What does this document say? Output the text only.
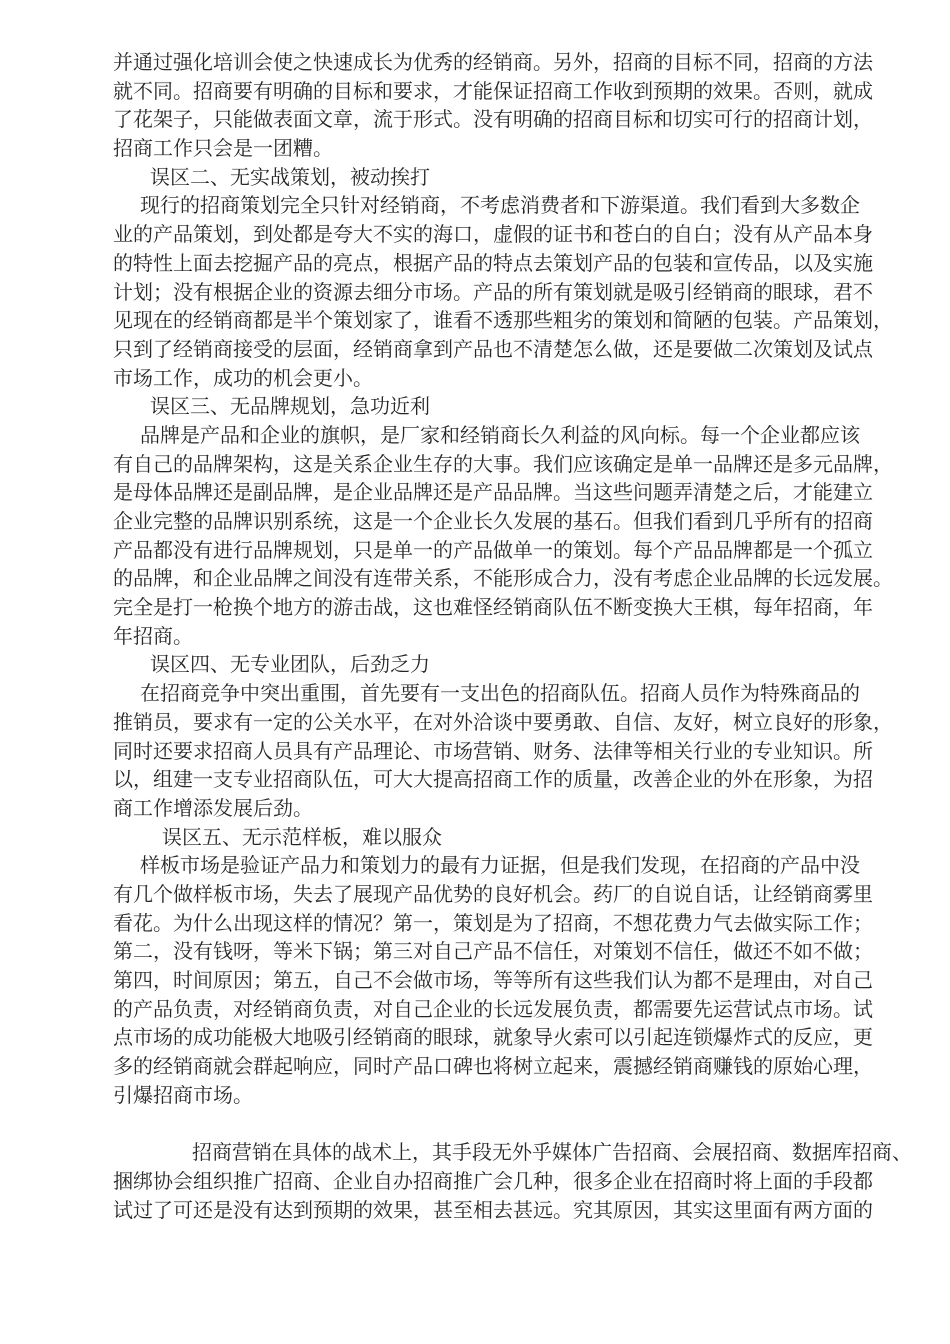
并通过强化培训会使之快速成长为优秀的经销商。另外，招商的目标不同，招商的方法
就不同。招商要有明确的目标和要求，才能保证招商工作收到预期的效果。否则，就成
了花架子，只能做表面文章，流于形式。没有明确的招商目标和切实可行的招商计划，
招商工作只会是一团糟。
误区二、无实战策划，被动挨打
现行的招商策划完全只针对经销商，不考虑消费者和下游渠道。我们看到大多数企
业的产品策划，到处都是夸大不实的海口，虚假的证书和苍白的自白；没有从产品本身
的特性上面去挖掘产品的亮点，根据产品的特点去策划产品的包装和宣传品，以及实施
计划；没有根据企业的资源去细分市场。产品的所有策划就是吸引经销商的眼球，君不
见现在的经销商都是半个策划家了，谁看不透那些粗劣的策划和简陋的包装。产品策划，
只到了经销商接受的层面，经销商拿到产品也不清楚怎么做，还是要做二次策划及试点
市场工作，成功的机会更小。
误区三、无品牌规划，急功近利
品牌是产品和企业的旗帜，是厂家和经销商长久利益的风向标。每一个企业都应该
有自己的品牌架构，这是关系企业生存的大事。我们应该确定是单一品牌还是多元品牌，
是母体品牌还是副品牌，是企业品牌还是产品品牌。当这些问题弄清楚之后，才能建立
企业完整的品牌识别系统，这是一个企业长久发展的基石。但我们看到几乎所有的招商
产品都没有进行品牌规划，只是单一的产品做单一的策划。每个产品品牌都是一个孤立
的品牌，和企业品牌之间没有连带关系，不能形成合力，没有考虑企业品牌的长远发展。
完全是打一枪换个地方的游击战，这也难怪经销商队伍不断变换大王棋，每年招商，年
年招商。
误区四、无专业团队，后劲乏力
在招商竞争中突出重围，首先要有一支出色的招商队伍。招商人员作为特殊商品的
推销员，要求有一定的公关水平，在对外洽谈中要勇敢、自信、友好，树立良好的形象，
同时还要求招商人员具有产品理论、市场营销、财务、法律等相关行业的专业知识。所
以，组建一支专业招商队伍，可大大提高招商工作的质量，改善企业的外在形象，为招
商工作增添发展后劲。
误区五、无示范样板，难以服众
样板市场是验证产品力和策划力的最有力证据，但是我们发现，在招商的产品中没
有几个做样板市场，失去了展现产品优势的良好机会。药厂的自说自话，让经销商雾里
看花。为什么出现这样的情况？第一，策划是为了招商，不想花费力气去做实际工作；
第二，没有钱呀，等米下锅；第三对自己产品不信任，对策划不信任，做还不如不做；
第四，时间原因；第五，自己不会做市场，等等所有这些我们认为都不是理由，对自己
的产品负责，对经销商负责，对自己企业的长远发展负责，都需要先运营试点市场。试
点市场的成功能极大地吸引经销商的眼球，就象导火索可以引起连锁爆炸式的反应，更
多的经销商就会群起响应，同时产品口碑也将树立起来，震撼经销商赚钱的原始心理，
引爆招商市场。
招商营销在具体的战术上，其手段无外乎媒体广告招商、会展招商、数据库招商、
捆绑协会组织推广招商、企业自办招商推广会几种，很多企业在招商时将上面的手段都
试过了可还是没有达到预期的效果，甚至相去甚远。究其原因，其实这里面有两方面的
